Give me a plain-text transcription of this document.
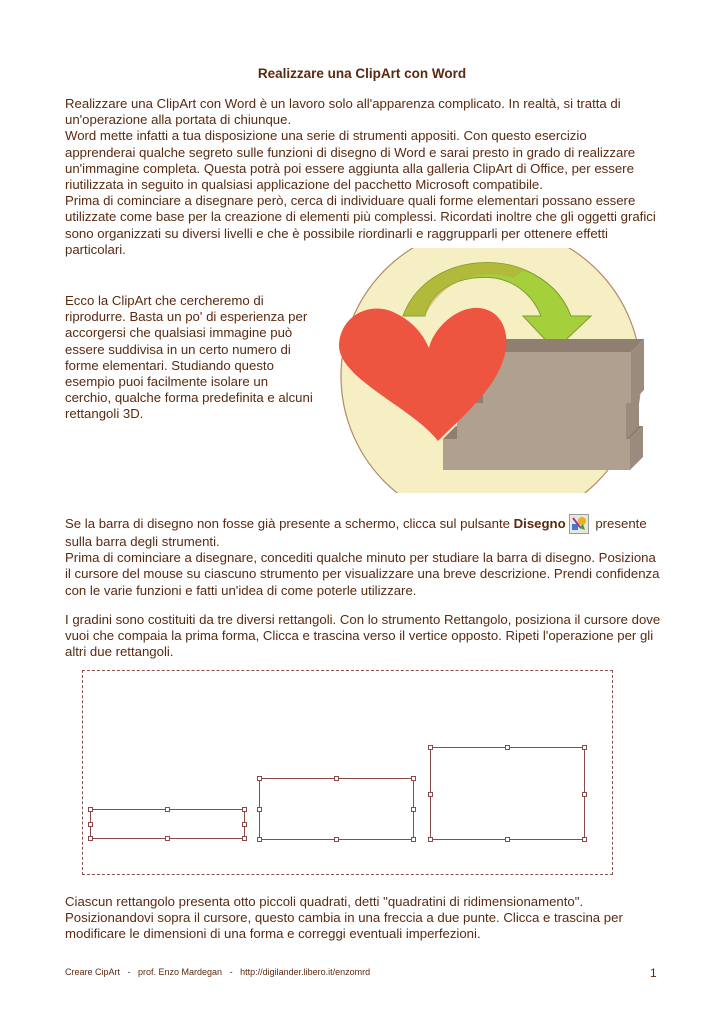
Realizzare una ClipArt con Word

Realizzare una ClipArt con Word è un lavoro solo all'apparenza complicato. In realtà, si tratta di un'operazione alla portata di chiunque.

Word mette infatti a tua disposizione una serie di strumenti appositi. Con questo esercizio apprenderai qualche segreto sulle funzioni di disegno di Word e sarai presto in grado di realizzare un'immagine completa. Questa potrà poi essere aggiunta alla galleria ClipArt di Office, per essere riutilizzata in seguito in qualsiasi applicazione del pacchetto Microsoft compatibile.

Prima di cominciare a disegnare però, cerca di individuare quali forme elementari possano essere utilizzate come base per la creazione di elementi più complessi. Ricordati inoltre che gli oggetti grafici sono organizzati su diversi livelli e che è possibile riordinarli e raggrupparli per ottenere effetti particolari.

Ecco la ClipArt che cercheremo di riprodurre. Basta un po' di esperienza per accorgersi che qualsiasi immagine può essere suddivisa in un certo numero di forme elementari. Studiando questo esempio puoi facilmente isolare un cerchio, qualche forma predefinita e alcuni rettangoli 3D.

Se la barra di disegno non fosse già presente a schermo, clicca sul pulsante Disegno presente sulla barra degli strumenti.

Prima di cominciare a disegnare, concediti qualche minuto per studiare la barra di disegno. Posiziona il cursore del mouse su ciascuno strumento per visualizzare una breve descrizione. Prendi confidenza con le varie funzioni e fatti un'idea di come poterle utilizzare.

I gradini sono costituiti da tre diversi rettangoli. Con lo strumento Rettangolo, posiziona il cursore dove vuoi che compaia la prima forma, Clicca e trascina verso il vertice opposto. Ripeti l'operazione per gli altri due rettangoli.
Ciascun rettangolo presenta otto piccoli quadrati, detti "quadratini di ridimensionamento". Posizionandovi sopra il cursore, questo cambia in una freccia a due punte. Clicca e trascina per modificare le dimensioni di una forma e correggi eventuali imperfezioni.
Creare CipArt   -   prof. Enzo Mardegan   -   http://digilander.libero.it/enzomrd	1
